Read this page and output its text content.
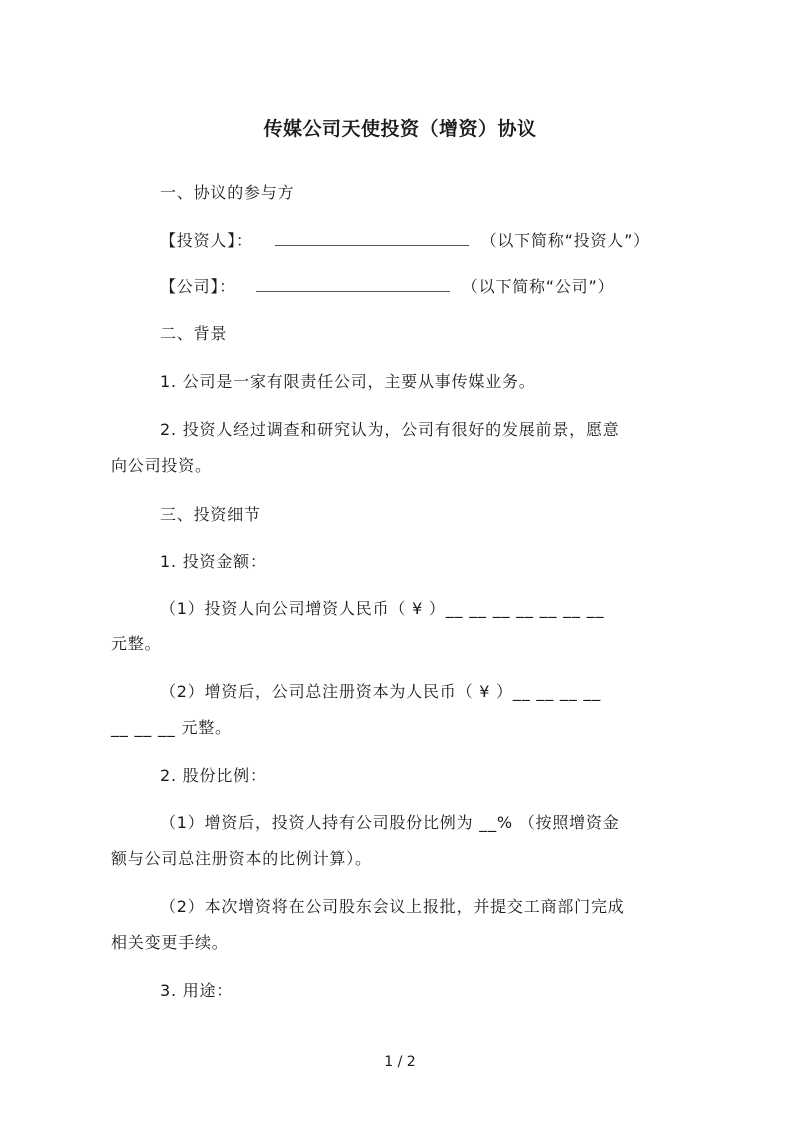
传媒公司天使投资（增资）协议
一、协议的参与方
【投资人】：	（以下简称“投资人”）
【公司】：	（以下简称“公司”）
二、背景
1. 公司是一家有限责任公司，主要从事传媒业务。
2. 投资人经过调查和研究认为，公司有很好的发展前景，愿意
向公司投资。
三、投资细节
1. 投资金额：
（1）投资人向公司增资人民币（ ¥ ）__ __ __ __ __ __ __
元整。
（2）增资后，公司总注册资本为人民币（ ¥ ）__ __ __ __
__ __ __ 元整。
2. 股份比例：
（1）增资后，投资人持有公司股份比例为 __% （按照增资金
额与公司总注册资本的比例计算）。
（2）本次增资将在公司股东会议上报批，并提交工商部门完成
相关变更手续。
3. 用途：
1 / 2
